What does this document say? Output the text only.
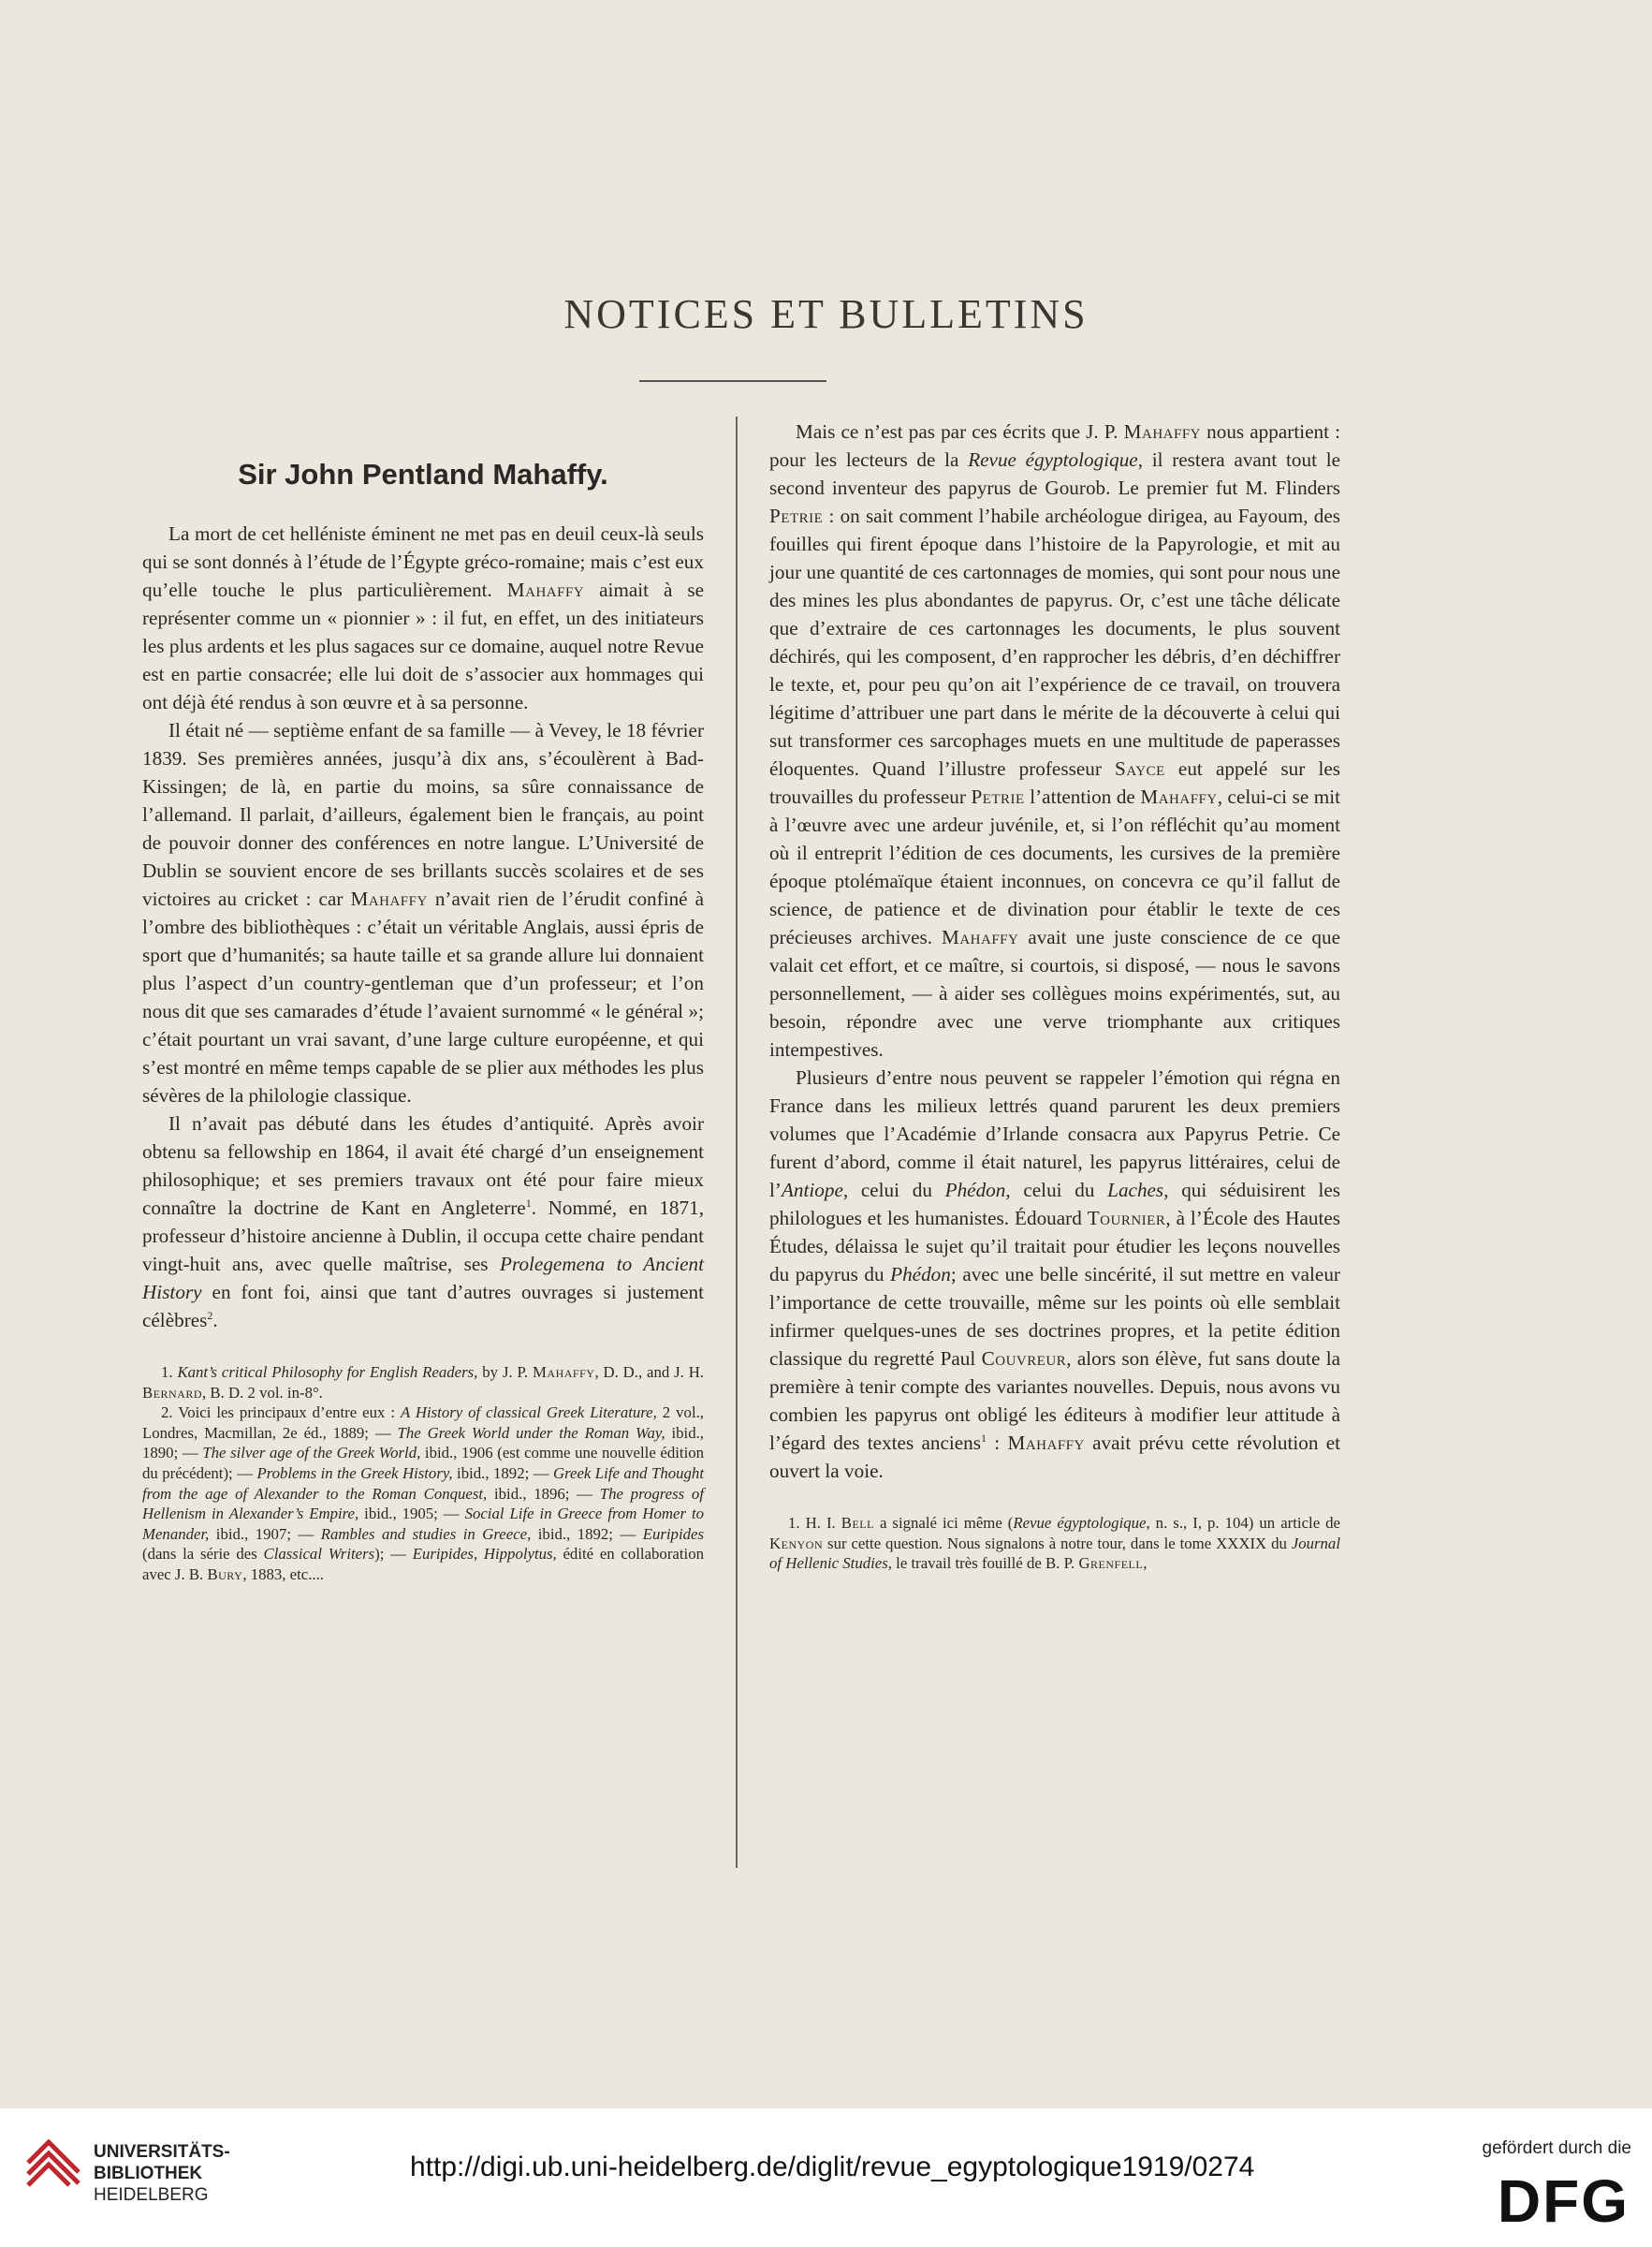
NOTICES ET BULLETINS
Sir John Pentland Mahaffy.

La mort de cet helléniste éminent ne met pas en deuil ceux-là seuls qui se sont donnés à l’étude de l’Égypte gréco-romaine; mais c’est eux qu’elle touche le plus particulièrement. Mahaffy aimait à se représenter comme un « pionnier » : il fut, en effet, un des initiateurs les plus ardents et les plus sagaces sur ce domaine, auquel notre Revue est en partie consacrée; elle lui doit de s’associer aux hommages qui ont déjà été rendus à son œuvre et à sa personne.

Il était né — septième enfant de sa famille — à Vevey, le 18 février 1839. Ses premières années, jusqu’à dix ans, s’écoulèrent à Bad-Kissingen; de là, en partie du moins, sa sûre connaissance de l’allemand. Il parlait, d’ailleurs, également bien le français, au point de pouvoir donner des conférences en notre langue. L’Université de Dublin se souvient encore de ses brillants succès scolaires et de ses victoires au cricket : car Mahaffy n’avait rien de l’érudit confiné à l’ombre des bibliothèques : c’était un véritable Anglais, aussi épris de sport que d’humanités; sa haute taille et sa grande allure lui donnaient plus l’aspect d’un country-gentleman que d’un professeur; et l’on nous dit que ses camarades d’étude l’avaient surnommé « le général »; c’était pourtant un vrai savant, d’une large culture européenne, et qui s’est montré en même temps capable de se plier aux méthodes les plus sévères de la philologie classique.

Il n’avait pas débuté dans les études d’antiquité. Après avoir obtenu sa fellowship en 1864, il avait été chargé d’un enseignement philosophique; et ses premiers travaux ont été pour faire mieux connaître la doctrine de Kant en Angleterre$^1$. Nommé, en 1871, professeur d’histoire ancienne à Dublin, il occupa cette chaire pendant vingt-huit ans, avec quelle maîtrise, ses Prolegemena to Ancient History en font foi, ainsi que tant d’autres ouvrages si justement célèbres$^2$.

1. Kant’s critical Philosophy for English Readers, by J. P. Mahaffy, D. D., and J. H. Bernard, B. D. 2 vol. in-8°.

2. Voici les principaux d’entre eux : A History of classical Greek Literature, 2 vol., Londres, Macmillan, 2e éd., 1889; — The Greek World under the Roman Way, ibid., 1890; — The silver age of the Greek World, ibid., 1906 (est comme une nouvelle édition du précédent); — Problems in the Greek History, ibid., 1892; — Greek Life and Thought from the age of Alexander to the Roman Conquest, ibid., 1896; — The progress of Hellenism in Alexander’s Empire, ibid., 1905; — Social Life in Greece from Homer to Menander, ibid., 1907; — Rambles and studies in Greece, ibid., 1892; — Euripides (dans la série des Classical Writers); — Euripides, Hippolytus, édité en collaboration avec J. B. Bury, 1883, etc....

Mais ce n’est pas par ces écrits que J. P. Mahaffy nous appartient : pour les lecteurs de la Revue égyptologique, il restera avant tout le second inventeur des papyrus de Gourob. Le premier fut M. Flinders Petrie : on sait comment l’habile archéologue dirigea, au Fayoum, des fouilles qui firent époque dans l’histoire de la Papyrologie, et mit au jour une quantité de ces cartonnages de momies, qui sont pour nous une des mines les plus abondantes de papyrus. Or, c’est une tâche délicate que d’extraire de ces cartonnages les documents, le plus souvent déchirés, qui les composent, d’en rapprocher les débris, d’en déchiffrer le texte, et, pour peu qu’on ait l’expérience de ce travail, on trouvera légitime d’attribuer une part dans le mérite de la découverte à celui qui sut transformer ces sarcophages muets en une multitude de paperasses éloquentes. Quand l’illustre professeur Sayce eut appelé sur les trouvailles du professeur Petrie l’attention de Mahaffy, celui-ci se mit à l’œuvre avec une ardeur juvénile, et, si l’on réfléchit qu’au moment où il entreprit l’édition de ces documents, les cursives de la première époque ptolémaïque étaient inconnues, on concevra ce qu’il fallut de science, de patience et de divination pour établir le texte de ces précieuses archives. Mahaffy avait une juste conscience de ce que valait cet effort, et ce maître, si courtois, si disposé, — nous le savons personnellement, — à aider ses collègues moins expérimentés, sut, au besoin, répondre avec une verve triomphante aux critiques intempestives.

Plusieurs d’entre nous peuvent se rappeler l’émotion qui régna en France dans les milieux lettrés quand parurent les deux premiers volumes que l’Académie d’Irlande consacra aux Papyrus Petrie. Ce furent d’abord, comme il était naturel, les papyrus littéraires, celui de l’Antiope, celui du Phédon, celui du Laches, qui séduisirent les philologues et les humanistes. Édouard Tournier, à l’École des Hautes Études, délaissa le sujet qu’il traitait pour étudier les leçons nouvelles du papyrus du Phédon; avec une belle sincérité, il sut mettre en valeur l’importance de cette trouvaille, même sur les points où elle semblait infirmer quelques-unes de ses doctrines propres, et la petite édition classique du regretté Paul Couvreur, alors son élève, fut sans doute la première à tenir compte des variantes nouvelles. Depuis, nous avons vu combien les papyrus ont obligé les éditeurs à modifier leur attitude à l’égard des textes anciens$^1$ : Mahaffy avait prévu cette révolution et ouvert la voie.

1. H. I. Bell a signalé ici même (Revue égyptologique, n. s., I, p. 104) un article de Kenyon sur cette question. Nous signalons à notre tour, dans le tome XXXIX du Journal of Hellenic Studies, le travail très fouillé de B. P. Grenfell,

UNIVERSITÄTS-
BIBLIOTHEK
HEIDELBERG
http://digi.ub.uni-heidelberg.de/diglit/revue_egyptologique1919/0274
gefördert durch die
DFG
